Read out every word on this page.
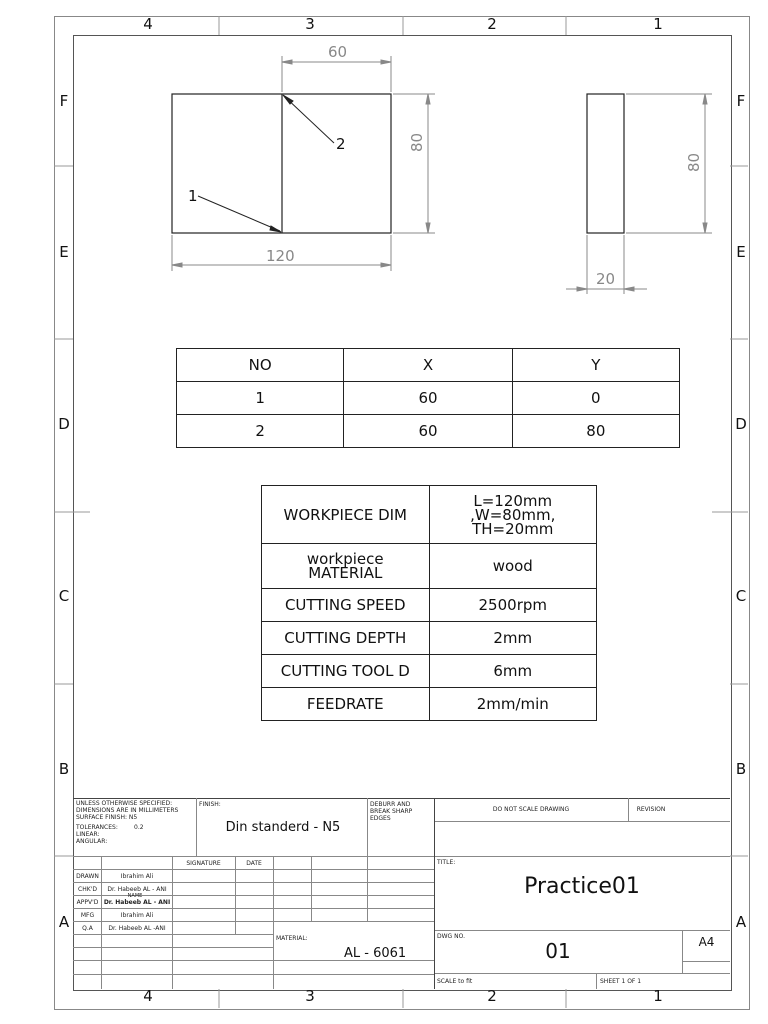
4	3	2	1
4	3	2	1
F
E
D
C
B
A
F
E
D
C
B
A
60
80
120
80
20
1
2
NO	X	Y
1	60	0
2	60	80
WORKPIECE DIM	L=120mm
,W=80mm,
TH=20mm

workpiece
MATERIAL	wood
CUTTING SPEED	2500rpm
CUTTING DEPTH	2mm
CUTTING TOOL D	6mm
FEEDRATE	2mm/min
UNLESS OTHERWISE SPECIFIED:
DIMENSIONS ARE IN MILLIMETERS
SURFACE FINISH: N5
TOLERANCES:
LINEAR:
ANGULAR:
0.2
FINISH:
Din standerd - N5
DEBURR AND
BREAK SHARP
EDGES
DO NOT SCALE DRAWING	REVISION
SIGNATURE	DATE
DRAWN	Ibrahim Ali
CHK'D	Dr. Habeeb AL - ANI
NAME
APPV'D Dr. Habeeb AL - ANI
MFG	Ibrahim Ali
Q.A	Dr. Habeeb AL -ANI
TITLE:
Practice01
MATERIAL:
AL - 6061
DWG NO.
01	A4
SCALE to fit	SHEET 1 OF 1
